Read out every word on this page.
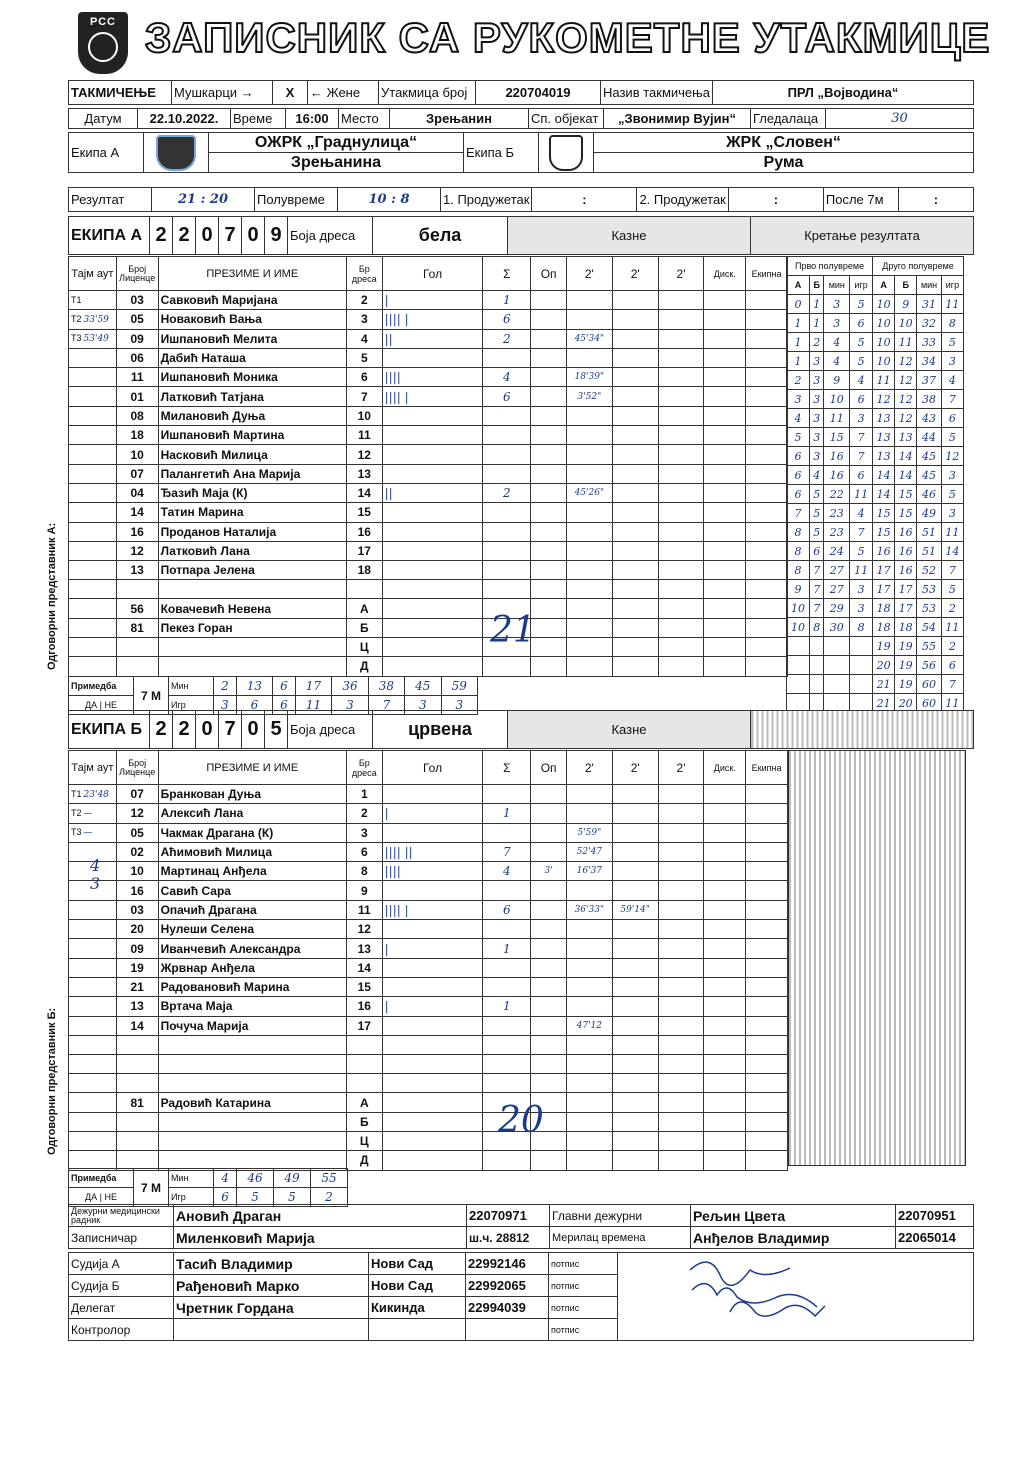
РСС ЗАПИСНИК СА РУКОМЕТНЕ УТАКМИЦЕ
ТАКМИЧЕЊЕ	Мушкарци →	X	← Жене	Утакмица број	220704019	Назив такмичења	ПРЛ „Војводина“
Датум	22.10.2022.	Време	16:00	Место	Зрењанин	Сп. објекат	„Звонимир Вујин“	Гледалаца	30
Екипа А		ОЖРК „Граднулица“	Екипа Б		ЖРК „Словен“
		Зрењанина			Рума
Резултат	21 : 20	Полувреме	10 : 8	1. Продужетак	:	2. Продужетак	:	После 7м	:
ЕКИПА А	2	2	0	7	0	9	Боја дреса	бела	Казне	Кретање резултата
Тајм аут	Број Лиценце	ПРЕЗИМЕ И ИМЕ	Бр дреса	Гол	Σ	Оп	2'	2'	2'	Диск.	Екипна
T1	03	Савковић Маријана	2	|	1						
T2 33'59	05	Новаковић Вања	3	|||| |	6						
T3 53'49	09	Ишпановић Мелита	4	||	2		45'34"				
	06	Дабић Наташа	5								
	11	Ишпановић Моника	6	||||	4		18'39"				
	01	Латковић Татјана	7	|||| |	6		3'52"				
	08	Милановић Дуња	10								
	18	Ишпановић Мартина	11								
	10	Насковић Милица	12								
	07	Палангетић Ана Марија	13								
	04	Ђазић Маја (К)	14	||	2		45'26"				
	14	Татин Марина	15								
	16	Проданов Наталија	16								
	12	Латковић Лана	17								
	13	Потпара Јелена	18								

	56	Ковачевић Невена	А								
	81	Пекез Горан	Б								
			Ц								
			Д								
Прво полувреме				Друго полувреме			
А	Б	мин	игр	А	Б	мин	игр
0	1	3	5	10	9	31	11
1	1	3	6	10	10	32	8
1	2	4	5	10	11	33	5
1	3	4	5	10	12	34	3
2	3	9	4	11	12	37	4
3	3	10	6	12	12	38	7
4	3	11	3	13	12	43	6
5	3	15	7	13	13	44	5
6	3	16	7	13	14	45	12
6	4	16	6	14	14	45	3
6	5	22	11	14	15	46	5
7	5	23	4	15	15	49	3
8	5	23	7	15	16	51	11
8	6	24	5	16	16	51	14
8	7	27	11	17	16	52	7
9	7	27	3	17	17	53	5
10	7	29	3	18	17	53	2
10	8	30	8	18	18	54	11
				19	19	55	2
				20	19	56	6
				21	19	60	7
				21	20	60	11
Примедба	7 М	Мин	2	13	6	17	36	38	45	59
ДА | НЕ		Игр	3	6	6	11	3	7	3	3
Одговорни представник А:	21
ЕКИПА Б	2	2	0	7	0	5	Боја дреса	црвена	Казне	
Тајм аут	Број Лиценце	ПРЕЗИМЕ И ИМЕ	Бр дреса	Гол	Σ	Оп	2'	2'	2'	Диск.	Екипна
T1 23'48	07	Бранкован Дуња	1								
T2 —	12	Алексић Лана	2	|	1						
T3 —	05	Чакмак Драгана (К)	3				5'59"				
	02	Аћимовић Милица	6	|||| ||	7		52'47				
	10	Мартинац Анђела	8	||||	4	3'	16'37				
	16	Савић Сара	9								
	03	Опачић Драгана	11	|||| |	6		36'33"	59'14"			
	20	Нулеши Селена	12								
	09	Иванчевић Александра	13	|	1						
	19	Жрвнар Анђела	14								
	21	Радовановић Марина	15								
	13	Вртача Маја	16	|	1						
	14	Почуча Марија	17				47'12				

	81	Радовић Катарина	А								
			Б								
			Ц								
			Д								
Примедба	7 М	Мин	4	46	49	55
ДА | НЕ		Игр	6	5	5	2
Одговорни представник Б:	20
4
3
Дежурни медицински радник	Ановић Драган	22070971	Главни дежурни	Рељин Цвета	22070951
Записничар	Миленковић Марија	ш.ч. 28812	Мерилац времена	Анђелов Владимир	22065014
Судија А	Тасић Владимир	Нови Сад	22992146	потпис	
Судија Б	Рађеновић Марко	Нови Сад	22992065	потпис	
Делегат	Чретник Гордана	Кикинда	22994039	потпис	
Контролор				потпис	
